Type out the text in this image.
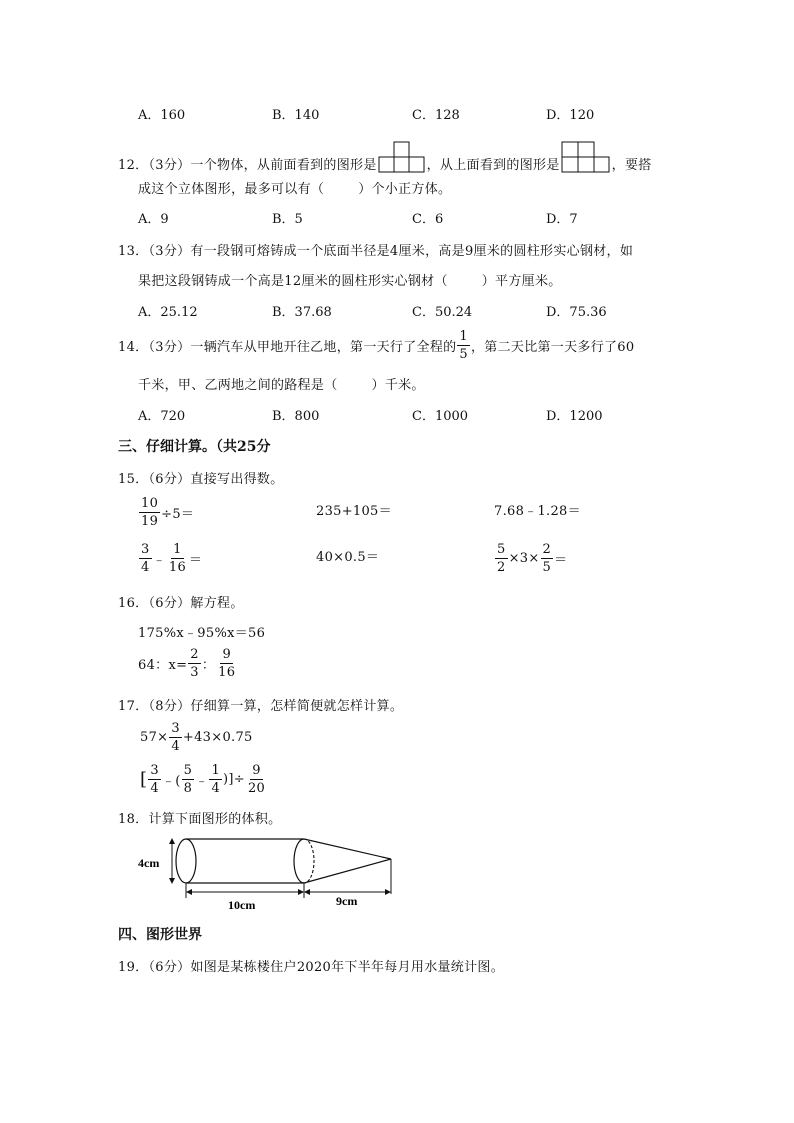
A．160	B．140	C．128	D．120
12．（3分）一个物体，从前面看到的图形是	，从上面看到的图形是	，要搭
成这个立体图形，最多可以有（	）个小正方体。
A．9	B．5	C．6	D．7
13．（3分）有一段钢可熔铸成一个底面半径是4厘米，高是9厘米的圆柱形实心钢材，如
果把这段钢铸成一个高是12厘米的圆柱形实心钢材（	）平方厘米。
A．25.12	B．37.68	C．50.24	D．75.36
14．（3分）一辆汽车从甲地开往乙地，第一天行了全程的 $\frac{1}{5}$ ，第二天比第一天多行了60
千米，甲、乙两地之间的路程是（	）千米。
A．720	B．800	C．1000	D．1200
三、仔细计算。（共25分
15．（6分）直接写出得数。
$\frac{10}{19} \div 5=$	235+105＝	7.68﹣1.28＝
$\frac{3}{4}$ ﹣ $\frac{1}{16}$ ＝	40×0.5＝	$\frac{5}{2} \times 3\times \frac{2}{5}$ ＝
16．（6分）解方程。
175%x﹣95%x＝56
64：$x= \frac{2}{3}$ ： $\frac{9}{16}$
17．（8分）仔细算一算，怎样简便就怎样计算。
$57\times \frac{3}{4} +43\times 0.75$
[ $\frac{3}{4}$ ﹣( $\frac{5}{8}$ ﹣ $\frac{1}{4}$ )]÷ $\frac{9}{20}$
18．计算下面图形的体积。
4cm
10cm	9cm
四、图形世界
19．（6分）如图是某栋楼住户2020年下半年每月用水量统计图。
